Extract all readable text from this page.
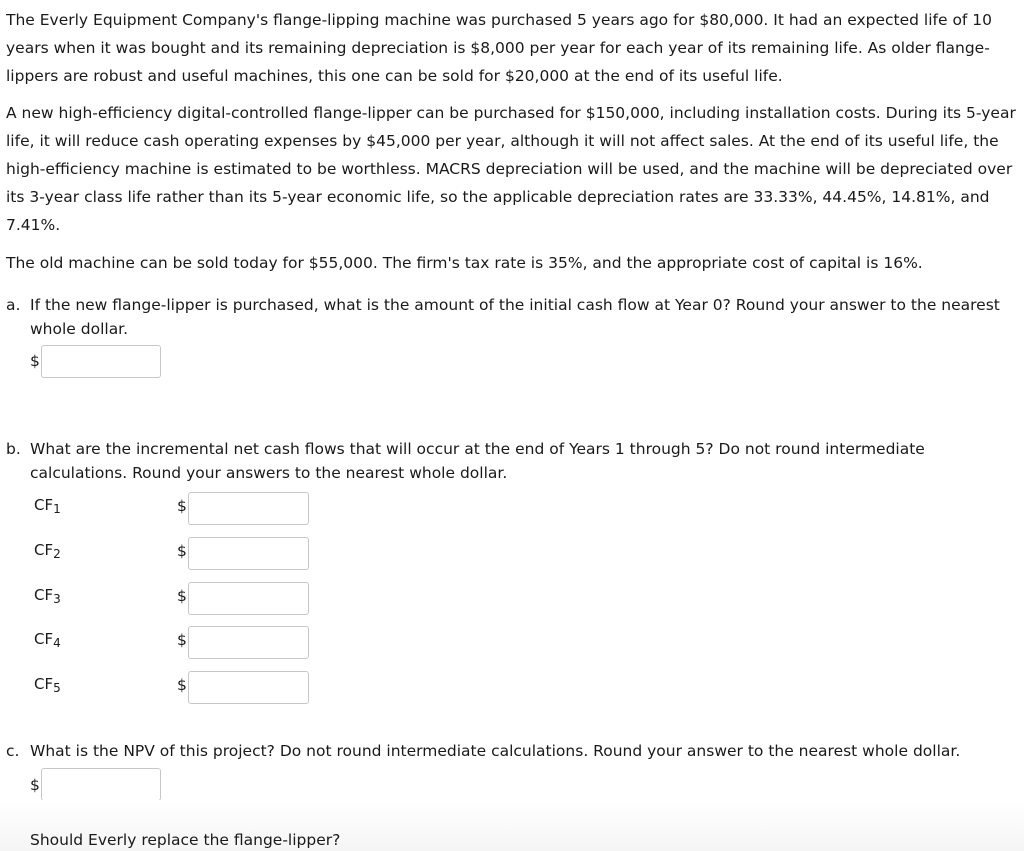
The Everly Equipment Company's flange-lipping machine was purchased 5 years ago for $80,000. It had an expected life of 10 years when it was bought and its remaining depreciation is $8,000 per year for each year of its remaining life. As older flange-lippers are robust and useful machines, this one can be sold for $20,000 at the end of its useful life.

A new high-efficiency digital-controlled flange-lipper can be purchased for $150,000, including installation costs. During its 5-year life, it will reduce cash operating expenses by $45,000 per year, although it will not affect sales. At the end of its useful life, the high-efficiency machine is estimated to be worthless. MACRS depreciation will be used, and the machine will be depreciated over its 3-year class life rather than its 5-year economic life, so the applicable depreciation rates are 33.33%, 44.45%, 14.81%, and 7.41%.

The old machine can be sold today for $55,000. The firm's tax rate is 35%, and the appropriate cost of capital is 16%.

a. If the new flange-lipper is purchased, what is the amount of the initial cash flow at Year 0? Round your answer to the nearest whole dollar.

$
b. What are the incremental net cash flows that will occur at the end of Years 1 through 5? Do not round intermediate calculations. Round your answers to the nearest whole dollar.

$CF_1$	$
$CF_2$	$
$CF_3$	$
$CF_4$	$
$CF_5$	$
c. What is the NPV of this project? Do not round intermediate calculations. Round your answer to the nearest whole dollar.

$
Should Everly replace the flange-lipper?
